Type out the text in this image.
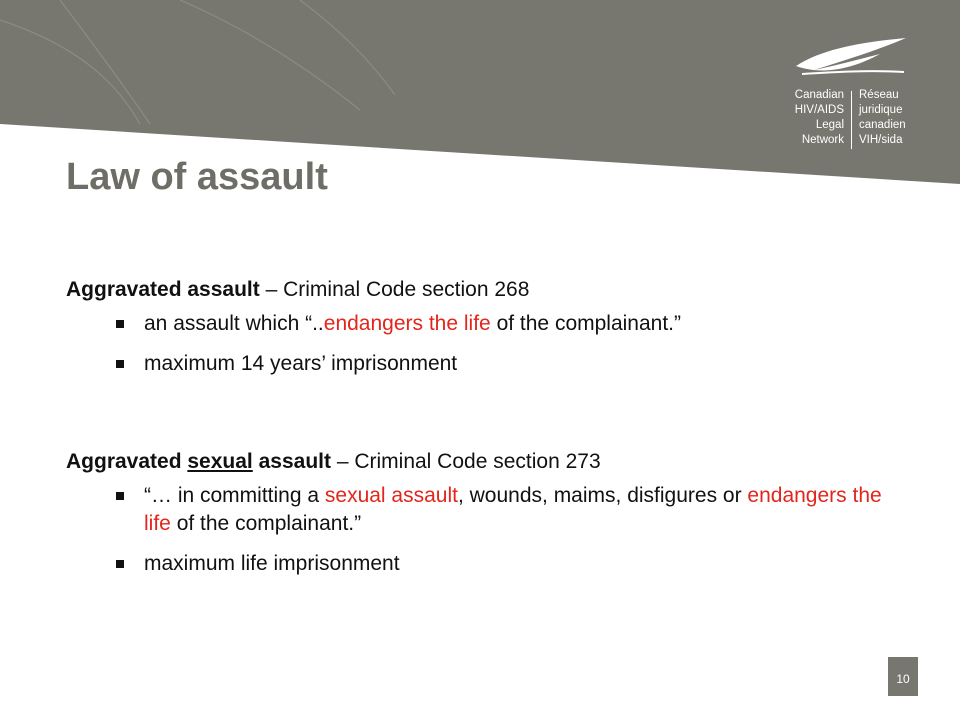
Canadian
HIV/AIDS
Legal
Network
Réseau
juridique
canadien
VIH/sida
Law of assault
Aggravated assault – Criminal Code section 268
an assault which “..endangers the life of the complainant.”
maximum 14 years’ imprisonment
Aggravated sexual assault – Criminal Code section 273
“… in committing a sexual assault, wounds, maims, disfigures or endangers the life of the complainant.”
maximum life imprisonment
10
